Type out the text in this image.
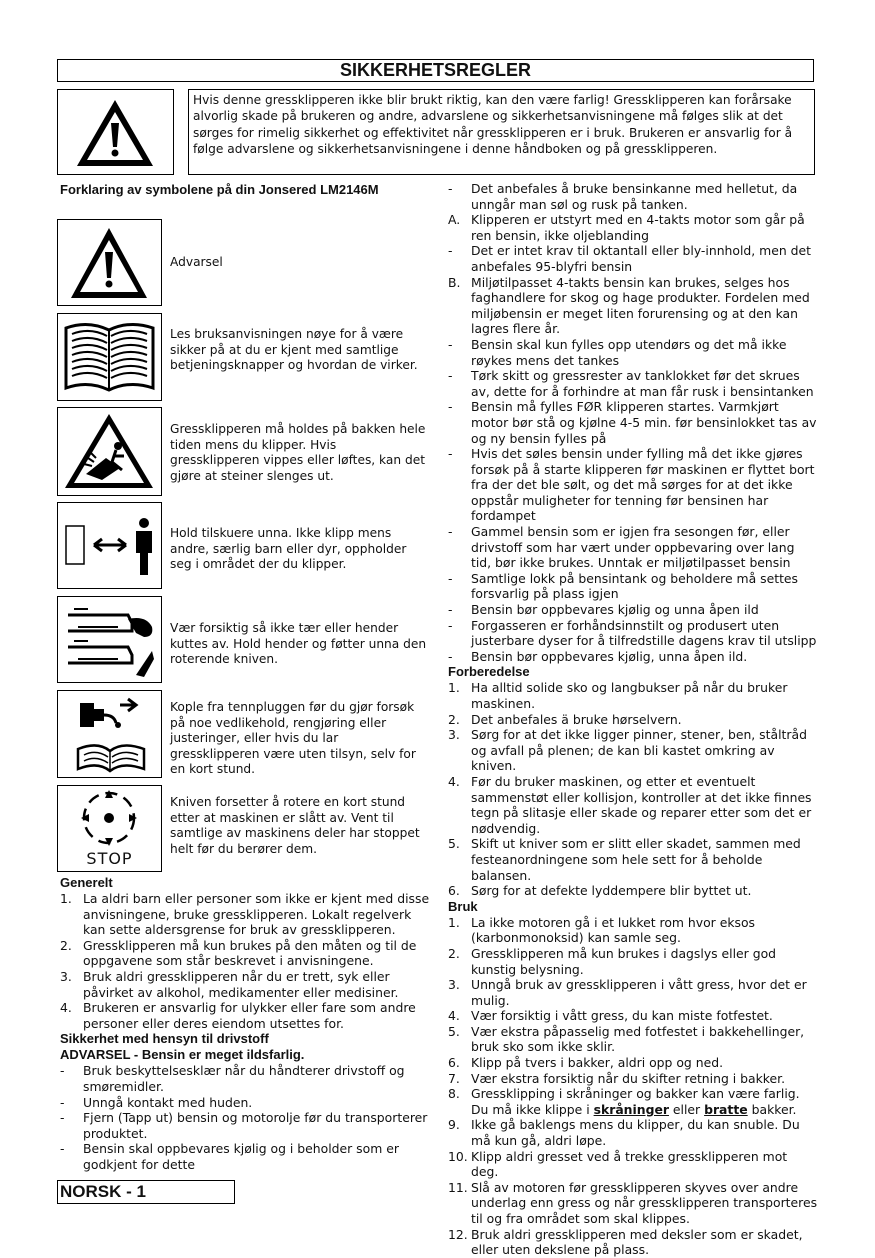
SIKKERHETSREGLER
Hvis denne gressklipperen ikke blir brukt riktig, kan den være farlig! Gressklipperen kan forårsake alvorlig skade på brukeren og andre, advarslene og sikkerhetsanvisningene må følges slik at det sørges for rimelig sikkerhet og effektivitet når gressklipperen er i bruk. Brukeren er ansvarlig for å følge advarslene og sikkerhetsanvisningene i denne håndboken og på gressklipperen.
Forklaring av symbolene på din Jonsered LM2146M
Advarsel
Les bruksanvisningen nøye for å være sikker på at du er kjent med samtlige betjeningsknapper og hvordan de virker.
Gressklipperen må holdes på bakken hele tiden mens du klipper. Hvis gressklipperen vippes eller løftes, kan det gjøre at steiner slenges ut.
Hold tilskuere unna. Ikke klipp mens andre, særlig barn eller dyr, oppholder seg i området der du klipper.
Vær forsiktig så ikke tær eller hender kuttes av. Hold hender og føtter unna den roterende kniven.
Kople fra tennpluggen før du gjør forsøk på noe vedlikehold, rengjøring eller justeringer, eller hvis du lar gressklipperen være uten tilsyn, selv for en kort stund.
STOP
Kniven forsetter å rotere en kort stund etter at maskinen er slått av. Vent til samtlige av maskinens deler har stoppet helt før du berører dem.
Generelt
1. La aldri barn eller personer som ikke er kjent med disse anvisningene, bruke gressklipperen. Lokalt regelverk kan sette aldersgrense for bruk av gressklipperen.
2. Gressklipperen må kun brukes på den måten og til de oppgavene som står beskrevet i anvisningene.
3. Bruk aldri gressklipperen når du er trett, syk eller påvirket av alkohol, medikamenter eller medisiner.
4. Brukeren er ansvarlig for ulykker eller fare som andre personer eller deres eiendom utsettes for.
Sikkerhet med hensyn til drivstoff
ADVARSEL - Bensin er meget ildsfarlig.
-	Bruk beskyttelsesklær når du håndterer drivstoff og smøremidler.
-	Unngå kontakt med huden.
-	Fjern (Tapp ut) bensin og motorolje før du transporterer produktet.
-	Bensin skal oppbevares kjølig og i beholder som er godkjent for dette
-	Det anbefales å bruke bensinkanne med helletut, da unngår man søl og rusk på tanken.
A. Klipperen er utstyrt med en 4-takts motor som går på ren bensin, ikke oljeblanding
-	Det er intet krav til oktantall eller bly-innhold, men det anbefales 95-blyfri bensin
B. Miljøtilpasset 4-takts bensin kan brukes, selges hos faghandlere for skog og hage produkter. Fordelen med miljøbensin er meget liten forurensing og at den kan lagres flere år.
-	Bensin skal kun fylles opp utendørs og det må ikke røykes mens det tankes
-	Tørk skitt og gressrester av tanklokket før det skrues av, dette for å forhindre at man får rusk i bensintanken
-	Bensin må fylles FØR klipperen startes. Varmkjørt motor bør stå og kjølne 4-5 min. før bensinlokket tas av og ny bensin fylles på
-	Hvis det søles bensin under fylling må det ikke gjøres forsøk på å starte klipperen før maskinen er flyttet bort fra der det ble sølt, og det må sørges for at det ikke oppstår muligheter for tenning før bensinen har fordampet
-	Gammel bensin som er igjen fra sesongen før, eller drivstoff som har vært under oppbevaring over lang tid, bør ikke brukes. Unntak er miljøtilpasset bensin
-	Samtlige lokk på bensintank og beholdere må settes forsvarlig på plass igjen
-	Bensin bør oppbevares kjølig og unna åpen ild
-	Forgasseren er forhåndsinnstilt og produsert uten justerbare dyser for å tilfredstille dagens krav til utslipp
-	Bensin bør oppbevares kjølig, unna åpen ild.
Forberedelse
1. Ha alltid solide sko og langbukser på når du bruker maskinen.
2. Det anbefales ä bruke hørselvern.
3. Sørg for at det ikke ligger pinner, stener, ben, ståltråd og avfall på plenen; de kan bli kastet omkring av kniven.
4. Før du bruker maskinen, og etter et eventuelt sammenstøt eller kollisjon, kontroller at det ikke finnes tegn på slitasje eller skade og reparer etter som det er nødvendig.
5. Skift ut kniver som er slitt eller skadet, sammen med festeanordningene som hele sett for å beholde balansen.
6. Sørg for at defekte lyddempere blir byttet ut.
Bruk
1. La ikke motoren gå i et lukket rom hvor eksos (karbonmonoksid) kan samle seg.
2. Gressklipperen må kun brukes i dagslys eller god kunstig belysning.
3. Unngå bruk av gressklipperen i vått gress, hvor det er mulig.
4. Vær forsiktig i vått gress, du kan miste fotfestet.
5. Vær ekstra påpasselig med fotfestet i bakkehellinger, bruk sko som ikke sklir.
6. Klipp på tvers i bakker, aldri opp og ned.
7. Vær ekstra forsiktig når du skifter retning i bakker.
8. Gressklipping i skråninger og bakker kan være farlig. Du må ikke klippe i skråninger eller bratte bakker.
9. Ikke gå baklengs mens du klipper, du kan snuble. Du må kun gå, aldri løpe.
10. Klipp aldri gresset ved å trekke gressklipperen mot deg.
11. Slå av motoren før gressklipperen skyves over andre underlag enn gress og når gressklipperen transporteres til og fra området som skal klippes.
12. Bruk aldri gressklipperen med deksler som er skadet, eller uten dekslene på plass.
NORSK - 1
